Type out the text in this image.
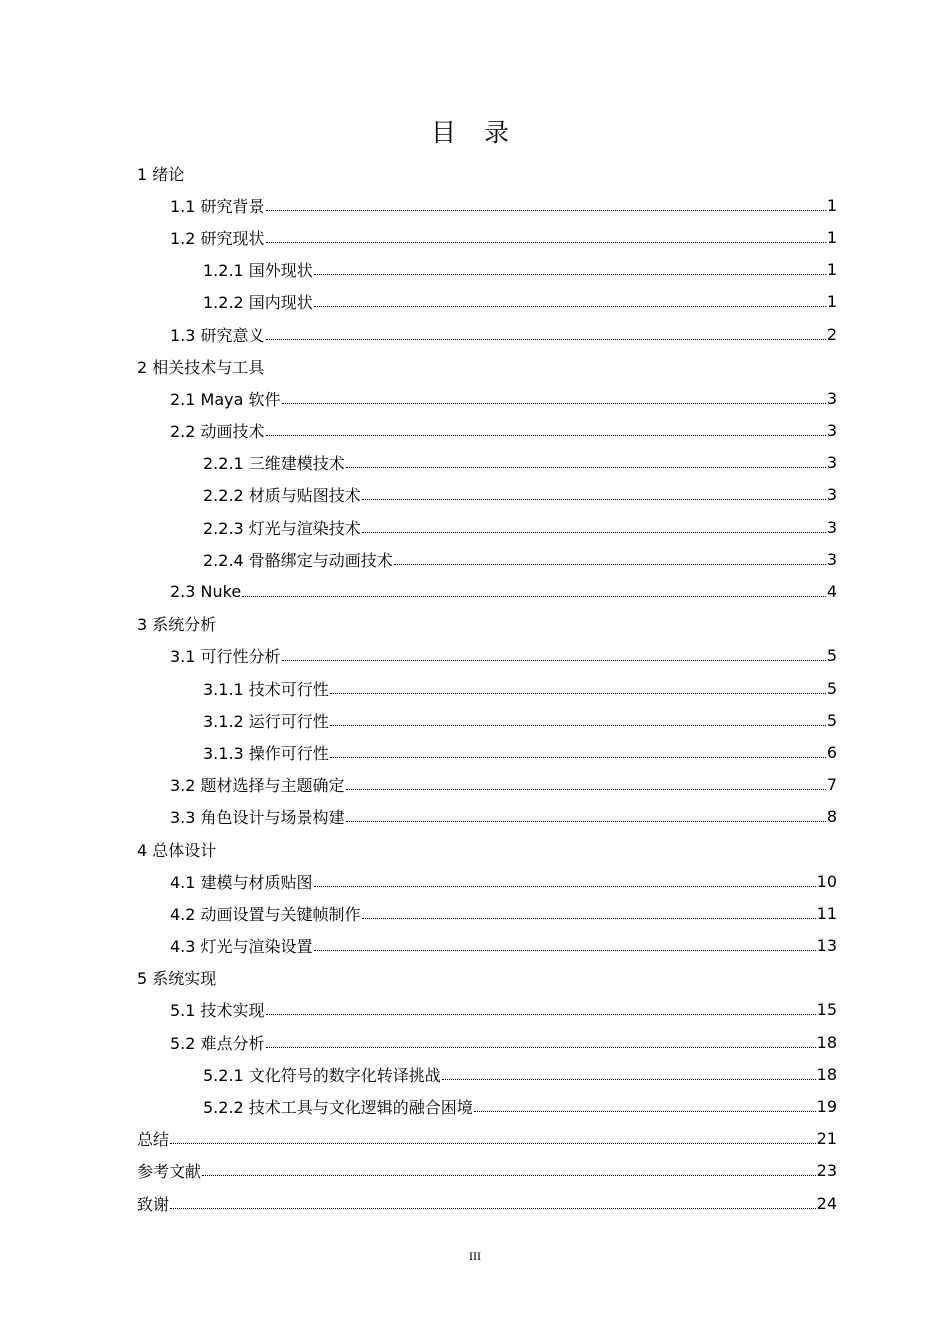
目 录
1 绪论
1.1 研究背景	1
1.2 研究现状	1
1.2.1 国外现状	1
1.2.2 国内现状	1
1.3 研究意义	2
2 相关技术与工具
2.1 Maya 软件	3
2.2 动画技术	3
2.2.1 三维建模技术	3
2.2.2 材质与贴图技术	3
2.2.3 灯光与渲染技术	3
2.2.4 骨骼绑定与动画技术	3
2.3 Nuke	4
3 系统分析
3.1 可行性分析	5
3.1.1 技术可行性	5
3.1.2 运行可行性	5
3.1.3 操作可行性	6
3.2 题材选择与主题确定	7
3.3 角色设计与场景构建	8
4 总体设计
4.1 建模与材质贴图	10
4.2 动画设置与关键帧制作	11
4.3 灯光与渲染设置	13
5 系统实现
5.1 技术实现	15
5.2 难点分析	18
5.2.1 文化符号的数字化转译挑战	18
5.2.2 技术工具与文化逻辑的融合困境	19
总结	21
参考文献	23
致谢	24
III
